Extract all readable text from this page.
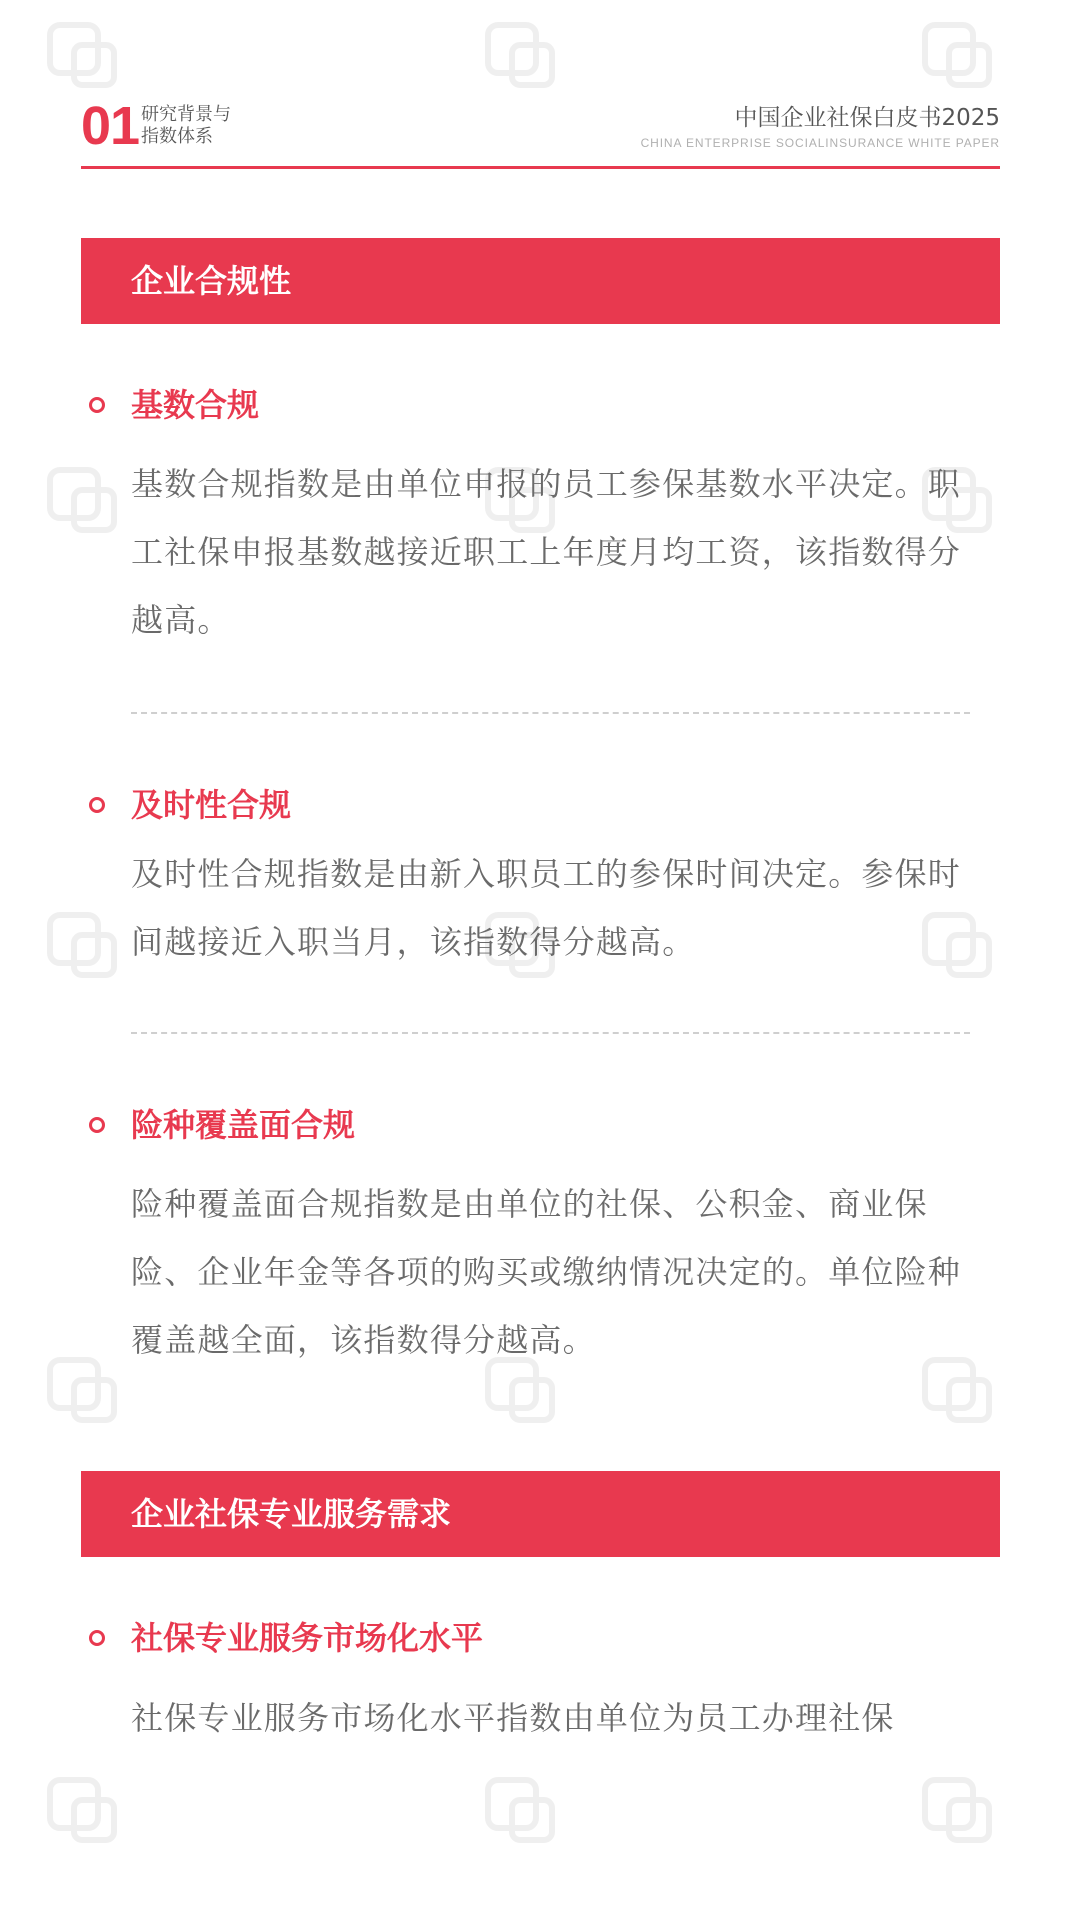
01 研究背景与
指数体系
中国企业社保白皮书2025
CHINA ENTERPRISE SOCIALINSURANCE WHITE PAPER
企业合规性
基数合规
基数合规指数是由单位申报的员工参保基数水平决定。职工社保申报基数越接近职工上年度月均工资，该指数得分越高。
及时性合规
及时性合规指数是由新入职员工的参保时间决定。参保时间越接近入职当月，该指数得分越高。
险种覆盖面合规
险种覆盖面合规指数是由单位的社保、公积金、商业保险、企业年金等各项的购买或缴纳情况决定的。单位险种覆盖越全面，该指数得分越高。
企业社保专业服务需求
社保专业服务市场化水平
社保专业服务市场化水平指数由单位为员工办理社保
